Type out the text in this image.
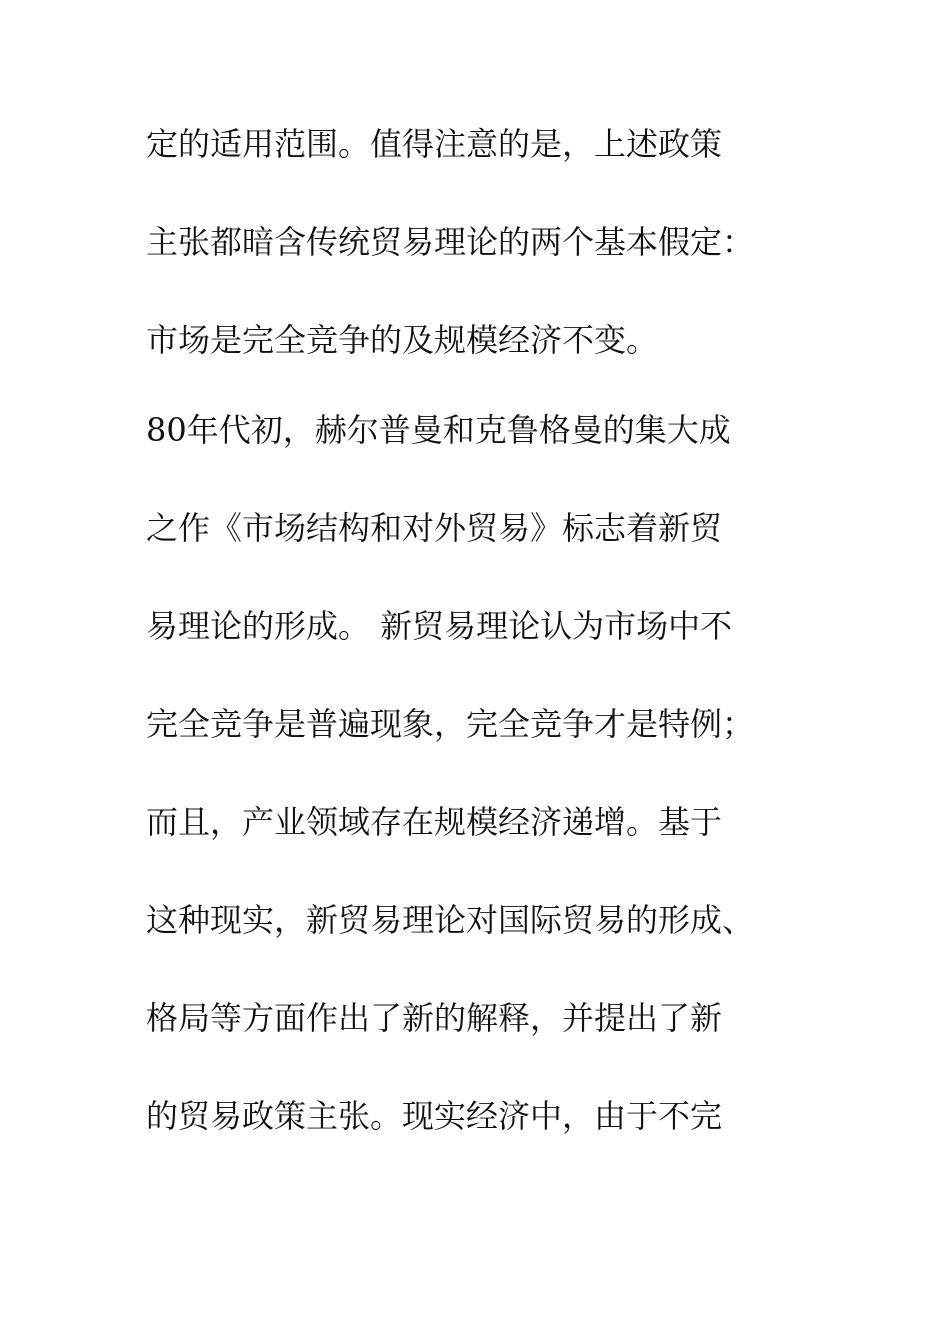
定的适用范围。值得注意的是，上述政策
主张都暗含传统贸易理论的两个基本假定：
市场是完全竞争的及规模经济不变。
80年代初，赫尔普曼和克鲁格曼的集大成
之作《市场结构和对外贸易》标志着新贸
易理论的形成。 新贸易理论认为市场中不
完全竞争是普遍现象，完全竞争才是特例；
而且，产业领域存在规模经济递增。基于
这种现实，新贸易理论对国际贸易的形成、
格局等方面作出了新的解释，并提出了新
的贸易政策主张。现实经济中，由于不完
